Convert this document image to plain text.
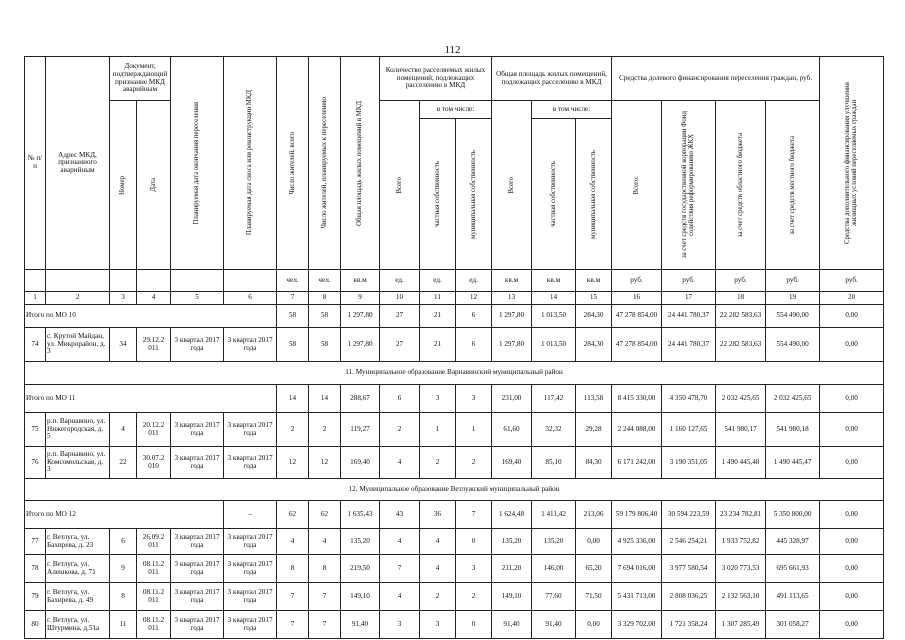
112
№ п/ п	Адрес МКД, признанного аварийным	Документ, подтверждающий признание МКД аварийным		Планируемая дата окончания переселения	Планируемая дата сноса или реконструкции МКД	Число жителей, всего	Число жителей, планируемых к переселению	Общая площадь жилых помещений в МКД	Количество расселяемых жилых помещений, подлежащих расселению в МКД			Общая площадь жилых помещений, подлежащих расселению в МКД			Средства долевого финансирования переселения граждан, руб.				Средства дополнительного финансирования улучшения жилищных условий переселяемых граждан

		Номер	Дата						Всего	в том числе:		Всего	в том числе:		Всего:	за счет средств государственной корпорации Фонд содействия реформированию ЖКХ	за счет средств областного бюджета	за счет средств местного бюджета	

										частная собственность	муниципальная собственность		частная собственность	муниципальная собственность					

						чел.	чел.	кв.м	ед.	ед.	ед.	кв.м	кв.м	кв.м	руб.	руб.	руб.	руб.	руб.
1	2	3	4	5	6	7	8	9	10	11	12	13	14	15	16	17	18	19	20
Итого по МО 10						58	58	1 297,80	27	21	6	1 297,80	1 013,50	284,30	47 278 854,00	24 441 780,37	22 282 583,63	554 490,00	0,00
74	с. Крутой Майдан, ул. Микрорайон, д. 3	34	29.12.2 011	3 квартал 2017 года	3 квартал 2017 года	58	58	1 297,80	27	21	6	1 297,80	1 013,50	284,30	47 278 854,00	24 441 780,37	22 282 583,63	554 490,00	0,00
11. Муниципальное образование Варнавинский муниципальный район																			
Итого по МО 11						14	14	288,67	6	3	3	231,00	117,42	113,58	8 415 330,00	4 350 478,70	2 032 425,65	2 032 425,65	0,00
75	р.п. Варнавино, ул. Нижегородская, д. 5	4	20.12.2 011	3 квартал 2017 года	3 квартал 2017 года	2	2	119,27	2	1	1	61,60	32,32	29,28	2 244 088,00	1 160 127,65	541 980,17	541 980,18	0,00
76	р.п. Варнавино, ул. Комсомольская, д. 3	22	30.07.2 010	3 квартал 2017 года	3 квартал 2017 года	12	12	169,40	4	2	2	169,40	85,10	84,30	6 171 242,00	3 190 351,05	1 490 445,48	1 490 445,47	0,00
12. Муниципальное образование Ветлужский муниципальный район																			
Итого по МО 12					–	62	62	1 635,43	43	36	7	1 624,48	1 411,42	213,06	59 179 806,40	30 594 223,59	23 234 782,81	5 350 800,00	0,00
77	г. Ветлуга, ул. Бахирева, д. 23	6	26.09.2 011	3 квартал 2017 года	3 квартал 2017 года	4	4	135,20	4	4	0	135,20	135,20	0,00	4 925 336,00	2 546 254,21	1 933 752,82	445 328,97	0,00
78	г. Ветлуга, ул. Алешкова, д. 71	9	08.11.2 011	3 квартал 2017 года	3 квартал 2017 года	8	8	219,50	7	4	3	211,20	146,00	65,20	7 694 016,00	3 977 580,54	3 020 773,53	695 661,93	0,00
79	г. Ветлуга, ул. Бахирева, д. 49	8	08.11.2 011	3 квартал 2017 года	3 квартал 2017 года	7	7	149,10	4	2	2	149,10	77,60	71,50	5 431 713,00	2 808 036,25	2 132 563,10	491 113,65	0,00
80	г. Ветлуга, ул. Штурмина, д.51а	11	08.11.2 011	3 квартал 2017 года	3 квартал 2017 года	7	7	91,40	3	3	0	91,40	91,40	0,00	3 329 702,00	1 721 358,24	1 307 285,49	301 058,27	0,00
